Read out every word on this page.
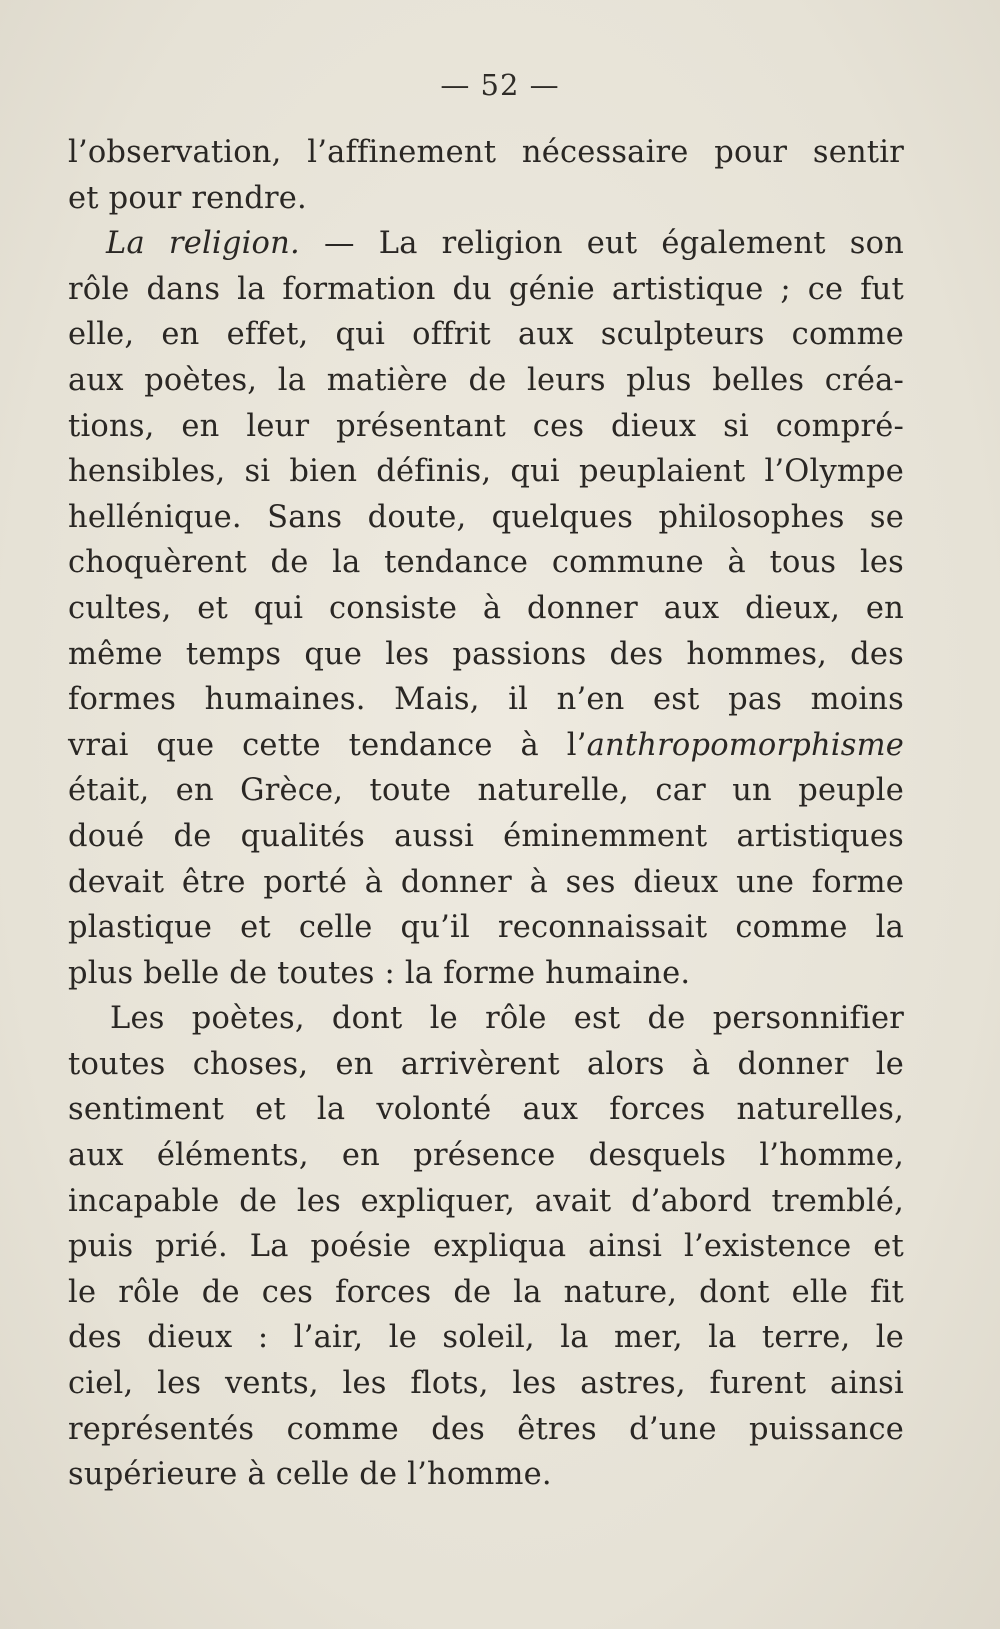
— 52 —
l’observation, l’affinement nécessaire pour sentir
et pour rendre.
La religion. — La religion eut également son
rôle dans la formation du génie artistique ; ce fut
elle, en effet, qui offrit aux sculpteurs comme
aux poètes, la matière de leurs plus belles créa-
tions, en leur présentant ces dieux si compré-
hensibles, si bien définis, qui peuplaient l’Olympe
hellénique. Sans doute, quelques philosophes se
choquèrent de la tendance commune à tous les
cultes, et qui consiste à donner aux dieux, en
même temps que les passions des hommes, des
formes humaines. Mais, il n’en est pas moins
vrai que cette tendance à l’anthropomorphisme
était, en Grèce, toute naturelle, car un peuple
doué de qualités aussi éminemment artistiques
devait être porté à donner à ses dieux une forme
plastique et celle qu’il reconnaissait comme la
plus belle de toutes : la forme humaine.
Les poètes, dont le rôle est de personnifier
toutes choses, en arrivèrent alors à donner le
sentiment et la volonté aux forces naturelles,
aux éléments, en présence desquels l’homme,
incapable de les expliquer, avait d’abord tremblé,
puis prié. La poésie expliqua ainsi l’existence et
le rôle de ces forces de la nature, dont elle fit
des dieux : l’air, le soleil, la mer, la terre, le
ciel, les vents, les flots, les astres, furent ainsi
représentés comme des êtres d’une puissance
supérieure à celle de l’homme.
